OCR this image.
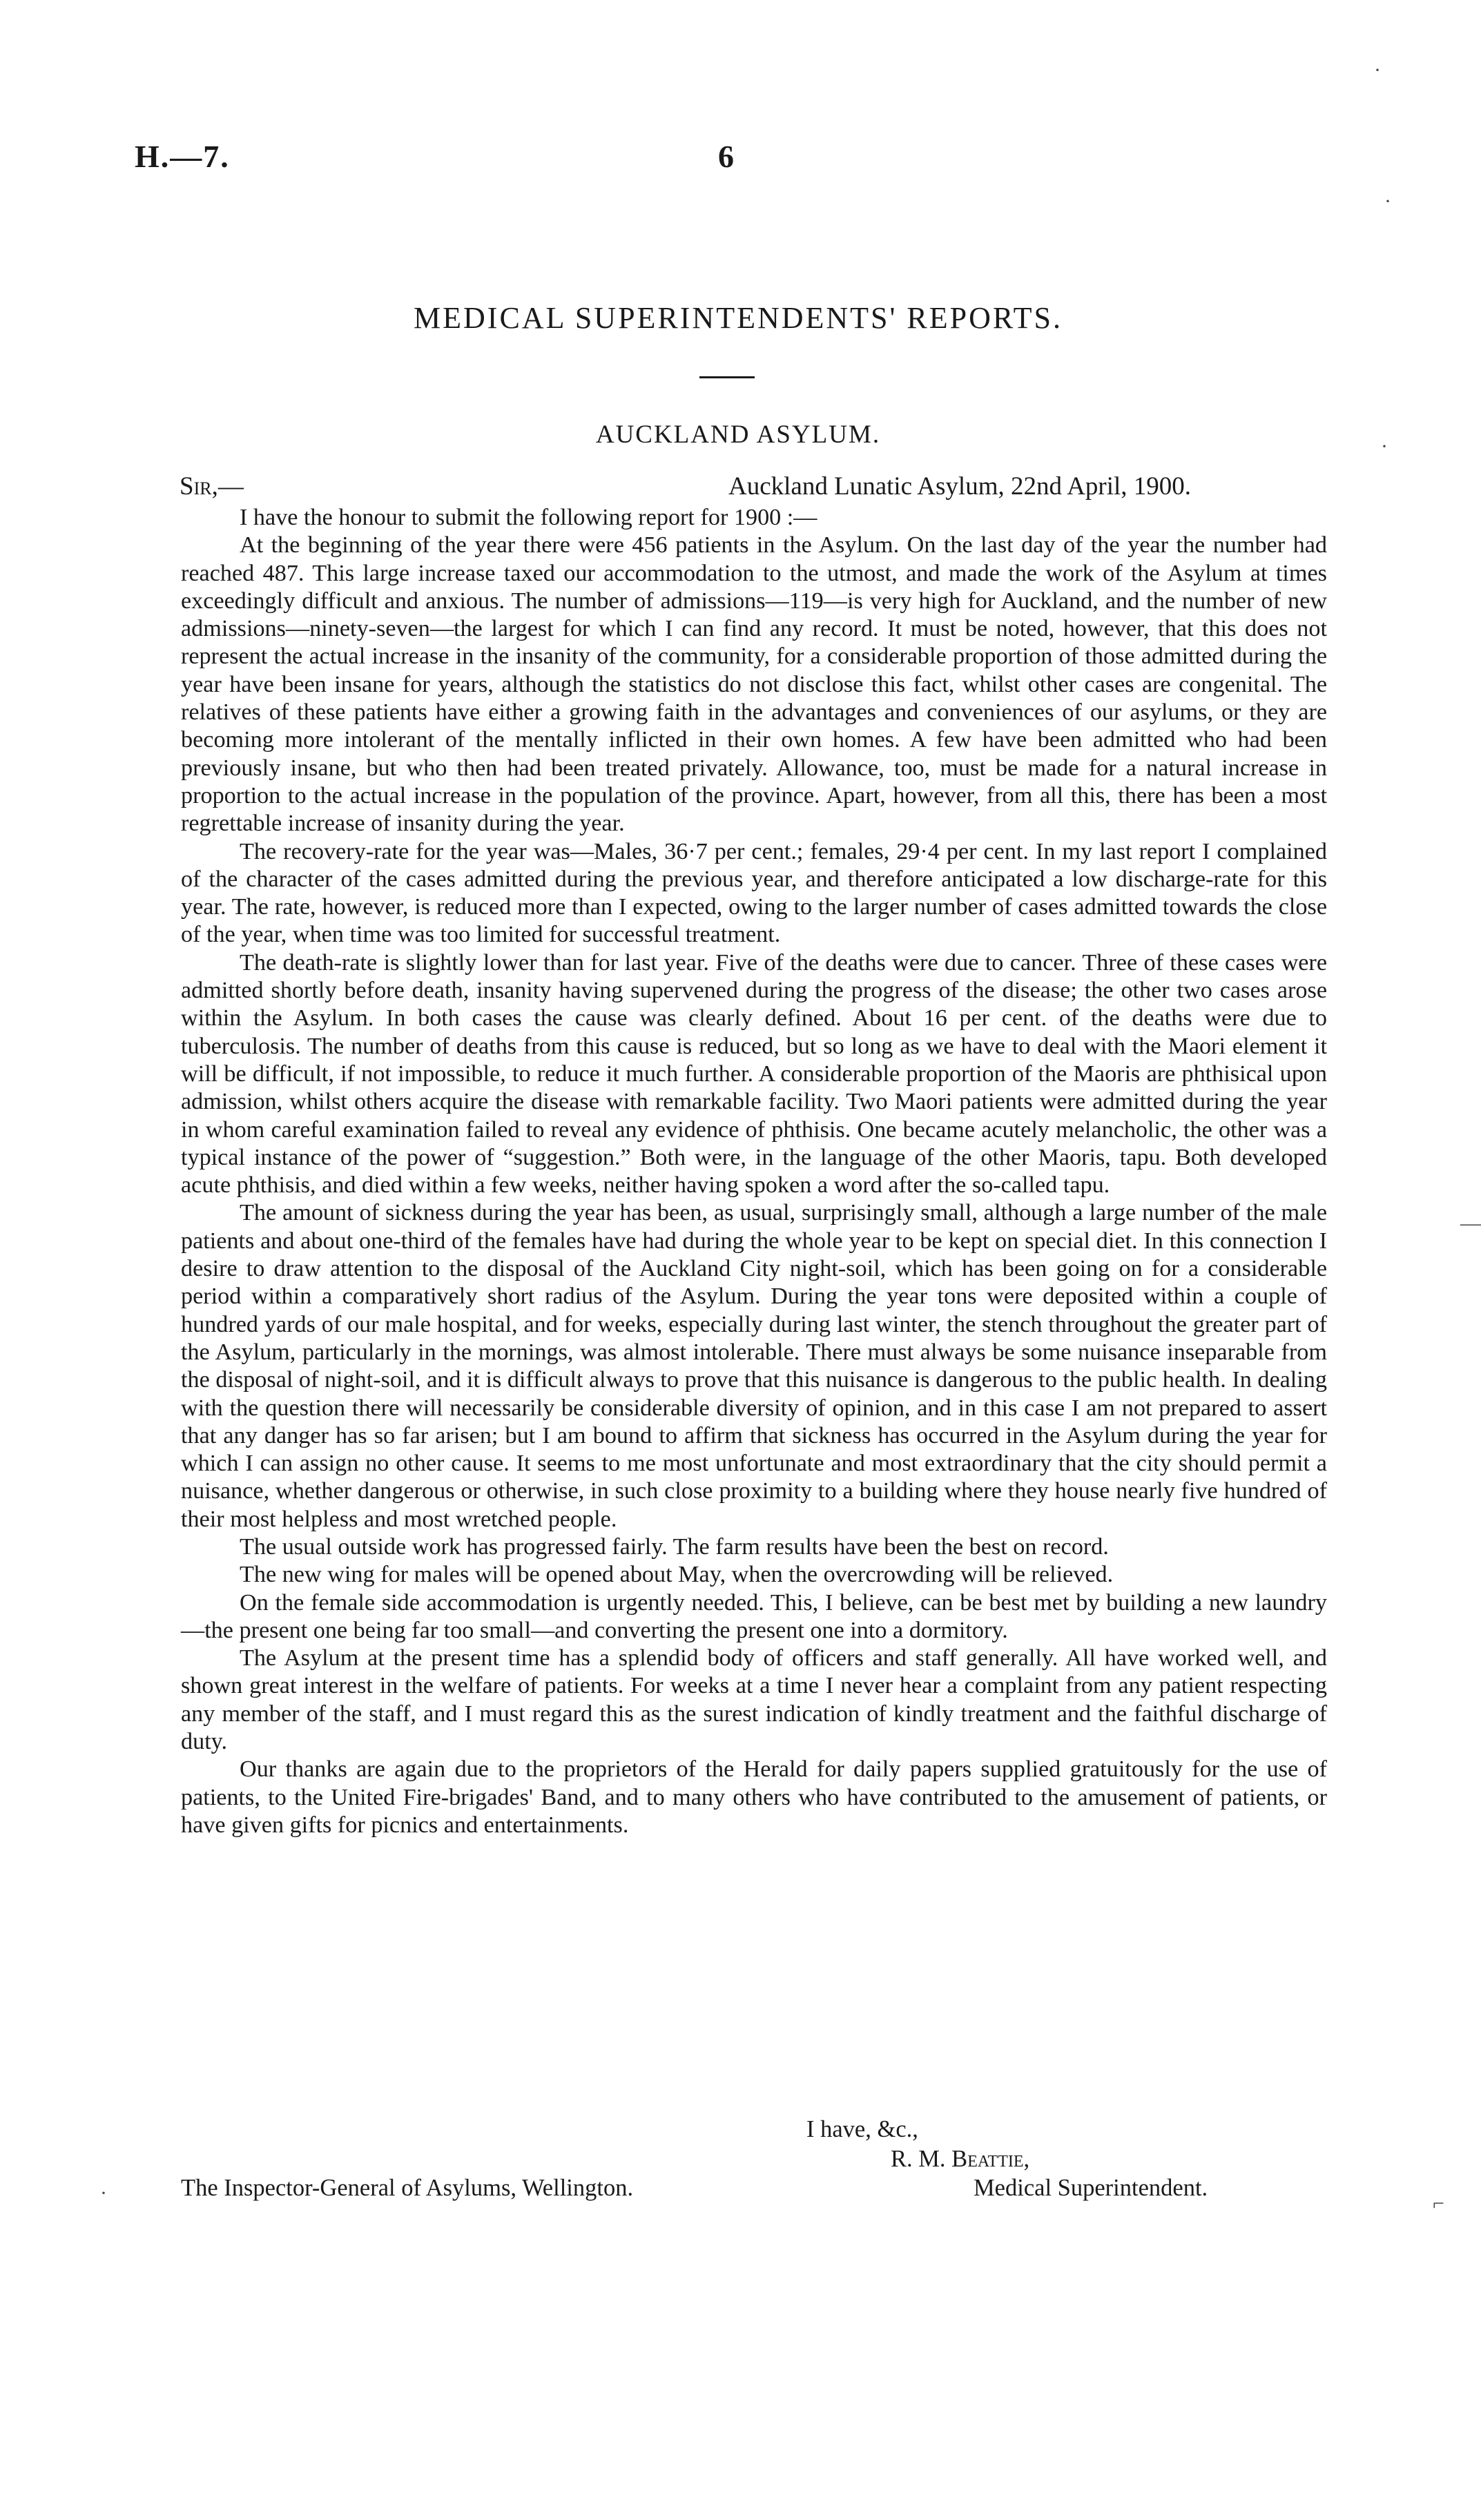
H.—7.	6
MEDICAL SUPERINTENDENTS' REPORTS.
AUCKLAND ASYLUM.
Sir,—	Auckland Lunatic Asylum, 22nd April, 1900.

I have the honour to submit the following report for 1900 :—

At the beginning of the year there were 456 patients in the Asylum. On the last day of the year the number had reached 487. This large increase taxed our accommodation to the utmost, and made the work of the Asylum at times exceedingly difficult and anxious. The number of admissions—119—is very high for Auckland, and the number of new admissions—ninety-seven—the largest for which I can find any record. It must be noted, however, that this does not represent the actual increase in the insanity of the community, for a considerable proportion of those admitted during the year have been insane for years, although the statistics do not disclose this fact, whilst other cases are congenital. The relatives of these patients have either a growing faith in the advantages and conveniences of our asylums, or they are becoming more intolerant of the mentally inflicted in their own homes. A few have been admitted who had been previously insane, but who then had been treated privately. Allowance, too, must be made for a natural increase in proportion to the actual increase in the population of the province. Apart, however, from all this, there has been a most regrettable increase of insanity during the year.

The recovery-rate for the year was—Males, 36·7 per cent.; females, 29·4 per cent. In my last report I complained of the character of the cases admitted during the previous year, and therefore anticipated a low discharge-rate for this year. The rate, however, is reduced more than I expected, owing to the larger number of cases admitted towards the close of the year, when time was too limited for successful treatment.

The death-rate is slightly lower than for last year. Five of the deaths were due to cancer. Three of these cases were admitted shortly before death, insanity having supervened during the progress of the disease; the other two cases arose within the Asylum. In both cases the cause was clearly defined. About 16 per cent. of the deaths were due to tuberculosis. The number of deaths from this cause is reduced, but so long as we have to deal with the Maori element it will be difficult, if not impossible, to reduce it much further. A considerable proportion of the Maoris are phthisical upon admission, whilst others acquire the disease with remarkable facility. Two Maori patients were admitted during the year in whom careful examination failed to reveal any evidence of phthisis. One became acutely melancholic, the other was a typical instance of the power of “suggestion.” Both were, in the language of the other Maoris, tapu. Both developed acute phthisis, and died within a few weeks, neither having spoken a word after the so-called tapu.

The amount of sickness during the year has been, as usual, surprisingly small, although a large number of the male patients and about one-third of the females have had during the whole year to be kept on special diet. In this connection I desire to draw attention to the disposal of the Auckland City night-soil, which has been going on for a considerable period within a comparatively short radius of the Asylum. During the year tons were deposited within a couple of hundred yards of our male hospital, and for weeks, especially during last winter, the stench throughout the greater part of the Asylum, particularly in the mornings, was almost intolerable. There must always be some nuisance inseparable from the disposal of night-soil, and it is difficult always to prove that this nuisance is dangerous to the public health. In dealing with the question there will necessarily be considerable diversity of opinion, and in this case I am not prepared to assert that any danger has so far arisen; but I am bound to affirm that sickness has occurred in the Asylum during the year for which I can assign no other cause. It seems to me most unfortunate and most extraordinary that the city should permit a nuisance, whether dangerous or otherwise, in such close proximity to a building where they house nearly five hundred of their most helpless and most wretched people.

The usual outside work has progressed fairly. The farm results have been the best on record.

The new wing for males will be opened about May, when the overcrowding will be relieved.

On the female side accommodation is urgently needed. This, I believe, can be best met by building a new laundry—the present one being far too small—and converting the present one into a dormitory.

The Asylum at the present time has a splendid body of officers and staff generally. All have worked well, and shown great interest in the welfare of patients. For weeks at a time I never hear a complaint from any patient respecting any member of the staff, and I must regard this as the surest indication of kindly treatment and the faithful discharge of duty.

Our thanks are again due to the proprietors of the Herald for daily papers supplied gratuitously for the use of patients, to the United Fire-brigades' Band, and to many others who have contributed to the amusement of patients, or have given gifts for picnics and entertainments.

I have, &c.,
R. M. Beattie,
The Inspector-General of Asylums, Wellington.	Medical Superintendent.
·
·
·
—
⌐
·
